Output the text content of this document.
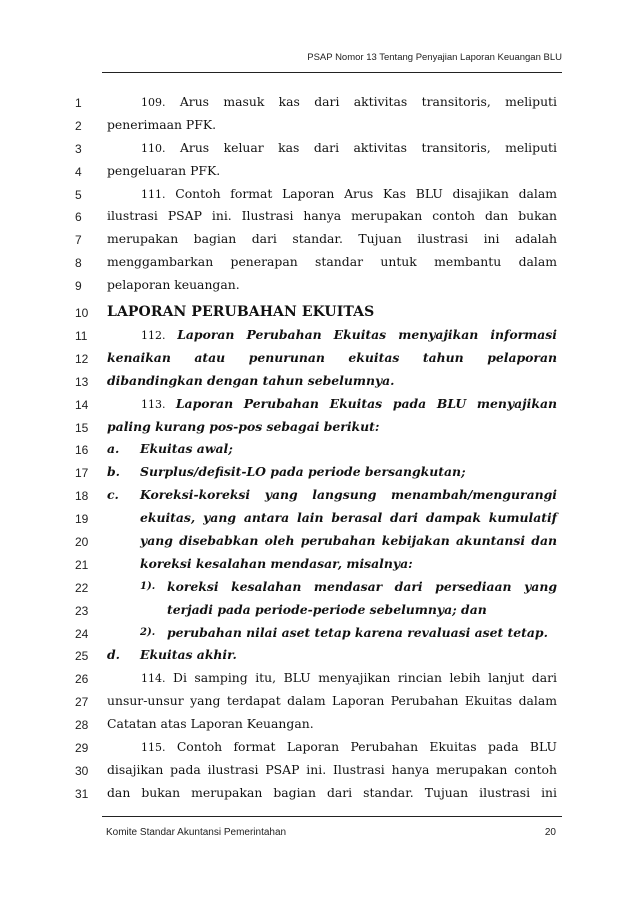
PSAP Nomor 13 Tentang Penyajian Laporan Keuangan BLU
1	109. Arus masuk kas dari aktivitas transitoris, meliputi
2	penerimaan PFK.
3	110. Arus keluar kas dari aktivitas transitoris, meliputi
4	pengeluaran PFK.
5	111. Contoh format Laporan Arus Kas BLU disajikan dalam
6	ilustrasi PSAP ini. Ilustrasi hanya merupakan contoh dan bukan
7	merupakan bagian dari standar. Tujuan ilustrasi ini adalah
8	menggambarkan penerapan standar untuk membantu dalam
9	pelaporan keuangan.
10	LAPORAN PERUBAHAN EKUITAS
11	112. Laporan Perubahan Ekuitas menyajikan informasi
12	kenaikan atau penurunan ekuitas tahun pelaporan
13	dibandingkan dengan tahun sebelumnya.
14	113. Laporan Perubahan Ekuitas pada BLU menyajikan
15	paling kurang pos-pos sebagai berikut:
16	a. Ekuitas awal;
17	b. Surplus/defisit-LO pada periode bersangkutan;
18	c. Koreksi-koreksi yang langsung menambah/mengurangi
19	ekuitas, yang antara lain berasal dari dampak kumulatif
20	yang disebabkan oleh perubahan kebijakan akuntansi dan
21	koreksi kesalahan mendasar, misalnya:
22	1). koreksi kesalahan mendasar dari persediaan yang
23	terjadi pada periode-periode sebelumnya; dan
24	2). perubahan nilai aset tetap karena revaluasi aset tetap.
25	d. Ekuitas akhir.
26	114. Di samping itu, BLU menyajikan rincian lebih lanjut dari
27	unsur-unsur yang terdapat dalam Laporan Perubahan Ekuitas dalam
28	Catatan atas Laporan Keuangan.
29	115. Contoh format Laporan Perubahan Ekuitas pada BLU
30	disajikan pada ilustrasi PSAP ini. Ilustrasi hanya merupakan contoh
31	dan bukan merupakan bagian dari standar. Tujuan ilustrasi ini
Komite Standar Akuntansi Pemerintahan	20
